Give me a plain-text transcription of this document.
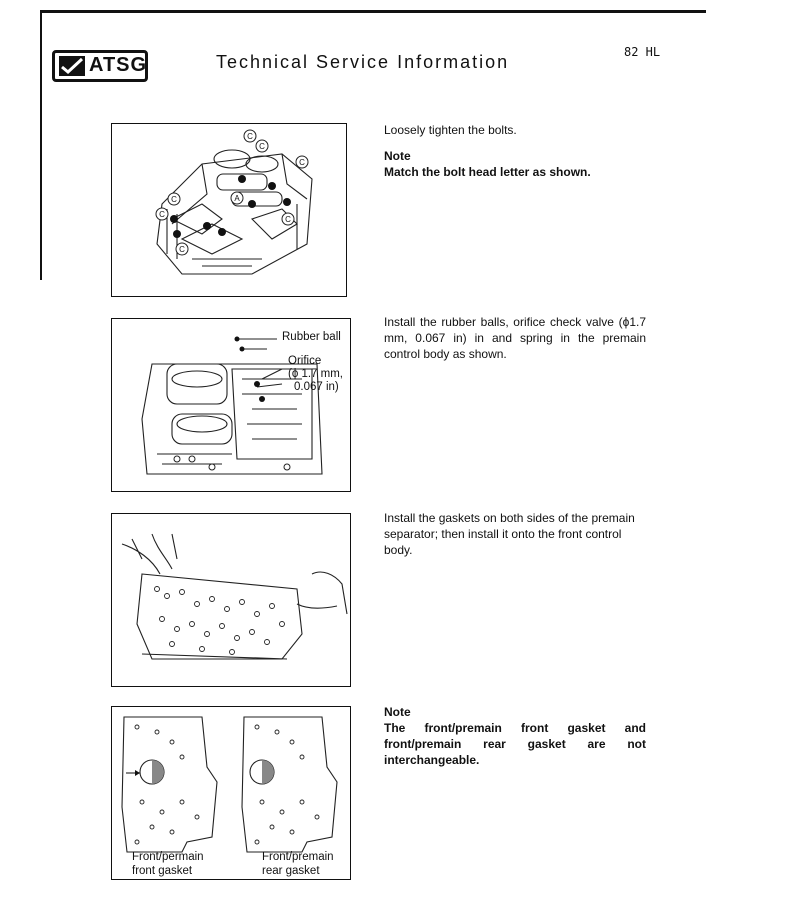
ATSG	Technical Service Information	82 HL
C
C
C
A
C
C
C
C
Rubber ball
Orifice
(ϕ 1.7 mm,
0.067 in)
Front/permain
front gasket
Front/premain
rear gasket
Loosely tighten the bolts.
Note
Match the bolt head letter as shown.
Install the rubber balls, orifice check valve (ϕ1.7 mm, 0.067 in) in and spring in the premain control body as shown.
Install the gaskets on both sides of the premain separator; then install it onto the front control body.
Note
The front/premain front gasket and front/premain rear gasket are not interchangeable.
